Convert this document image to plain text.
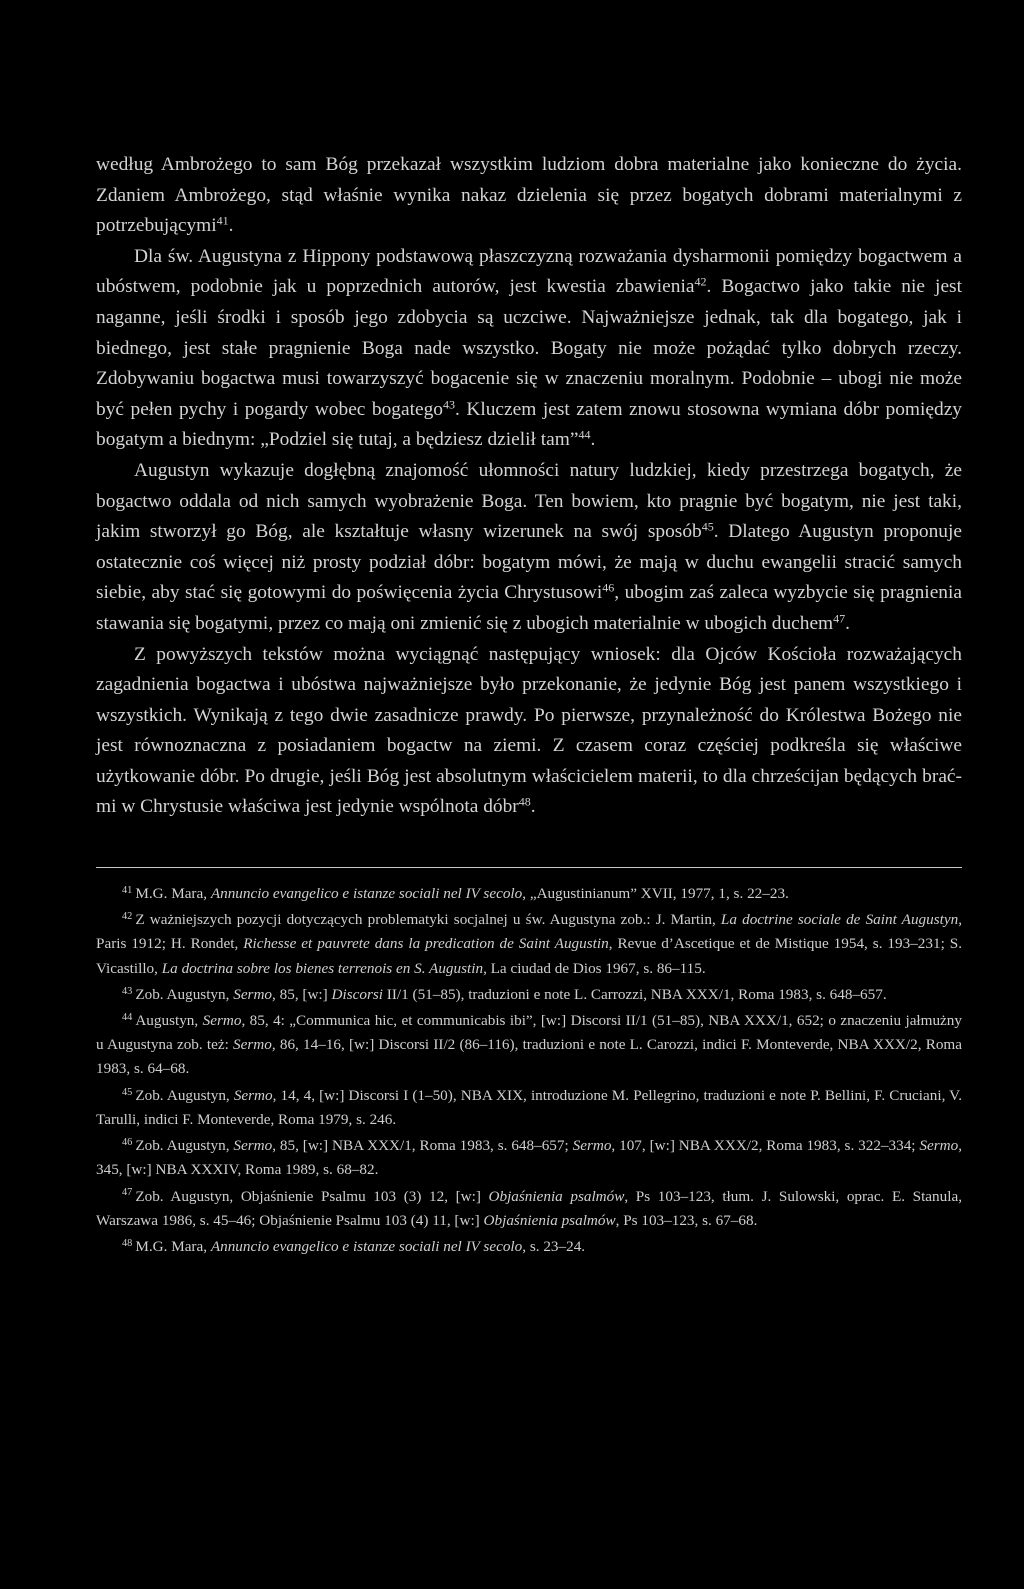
według Ambrożego to sam Bóg przekazał wszystkim ludziom dobra materialne jako konieczne do życia. Zdaniem Ambrożego, stąd właśnie wynika nakaz dzielenia się przez bogatych dobrami materialnymi z potrzebującymi$^{41}$.

Dla św. Augustyna z Hippony podstawową płaszczyzną rozważania dysharmonii pomiędzy bogactwem a ubóstwem, podobnie jak u poprzednich autorów, jest kwestia zbawienia$^{42}$. Bogactwo jako takie nie jest naganne, jeśli środki i sposób jego zdobycia są uczciwe. Najważniejsze jednak, tak dla bogatego, jak i biednego, jest stałe pragnienie Boga nade wszystko. Bogaty nie może pożądać tylko dobrych rzeczy. Zdobywaniu bogactwa musi towarzyszyć bogacenie się w znaczeniu moralnym. Podobnie – ubogi nie może być pełen pychy i pogardy wobec bogatego$^{43}$. Kluczem jest zatem znowu stosowna wymiana dóbr pomiędzy bogatym a biednym: „Podziel się tutaj, a będziesz dzielił tam”$^{44}$.

Augustyn wykazuje dogłębną znajomość ułomności natury ludzkiej, kiedy przestrzega bogatych, że bogactwo oddala od nich samych wyobrażenie Boga. Ten bowiem, kto pragnie być bogatym, nie jest taki, jakim stworzył go Bóg, ale kształtuje własny wizerunek na swój sposób$^{45}$. Dlatego Augustyn proponuje ostatecznie coś więcej niż prosty podział dóbr: bogatym mówi, że mają w duchu ewangelii stracić samych siebie, aby stać się gotowymi do poświęcenia życia Chrystusowi$^{46}$, ubogim zaś zaleca wyzbycie się pragnienia stawania się bogatymi, przez co mają oni zmienić się z ubogich materialnie w ubogich duchem$^{47}$.

Z powyższych tekstów można wyciągnąć następujący wniosek: dla Ojców Kościoła rozważających zagadnienia bogactwa i ubóstwa najważniejsze było przekonanie, że jedynie Bóg jest panem wszystkiego i wszystkich. Wynikają z tego dwie zasadnicze prawdy. Po pierwsze, przynależność do Królestwa Bożego nie jest równoznaczna z posiadaniem bogactw na ziemi. Z czasem coraz częściej podkreśla się właściwe użytkowanie dóbr. Po drugie, jeśli Bóg jest absolutnym właścicielem materii, to dla chrześcijan będących braćmi w Chrystusie właściwa jest jedynie wspólnota dóbr$^{48}$.

$^{41}$ M.G. Mara, Annuncio evangelico e istanze sociali nel IV secolo, „Augustinianum” XVII, 1977, 1, s. 22–23.

$^{42}$ Z ważniejszych pozycji dotyczących problematyki socjalnej u św. Augustyna zob.: J. Martin, La doctrine sociale de Saint Augustyn, Paris 1912; H. Rondet, Richesse et pauvrete dans la predication de Saint Augustin, Revue d’Ascetique et de Mistique 1954, s. 193–231; S. Vicastillo, La doctrina sobre los bienes terrenois en S. Augustin, La ciudad de Dios 1967, s. 86–115.

$^{43}$ Zob. Augustyn, Sermo, 85, [w:] Discorsi II/1 (51–85), traduzioni e note L. Carrozzi, NBA XXX/1, Roma 1983, s. 648–657.

$^{44}$ Augustyn, Sermo, 85, 4: „Communica hic, et communicabis ibi”, [w:] Discorsi II/1 (51–85), NBA XXX/1, 652; o znaczeniu jałmużny u Augustyna zob. też: Sermo, 86, 14–16, [w:] Discorsi II/2 (86–116), traduzioni e note L. Carozzi, indici F. Monteverde, NBA XXX/2, Roma 1983, s. 64–68.

$^{45}$ Zob. Augustyn, Sermo, 14, 4, [w:] Discorsi I (1–50), NBA XIX, introduzione M. Pellegrino, traduzioni e note P. Bellini, F. Cruciani, V. Tarulli, indici F. Monteverde, Roma 1979, s. 246.

$^{46}$ Zob. Augustyn, Sermo, 85, [w:] NBA XXX/1, Roma 1983, s. 648–657; Sermo, 107, [w:] NBA XXX/2, Roma 1983, s. 322–334; Sermo, 345, [w:] NBA XXXIV, Roma 1989, s. 68–82.

$^{47}$ Zob. Augustyn, Objaśnienie Psalmu 103 (3) 12, [w:] Objaśnienia psalmów, Ps 103–123, tłum. J. Sulowski, oprac. E. Stanula, Warszawa 1986, s. 45–46; Objaśnienie Psalmu 103 (4) 11, [w:] Objaśnienia psalmów, Ps 103–123, s. 67–68.

$^{48}$ M.G. Mara, Annuncio evangelico e istanze sociali nel IV secolo, s. 23–24.
